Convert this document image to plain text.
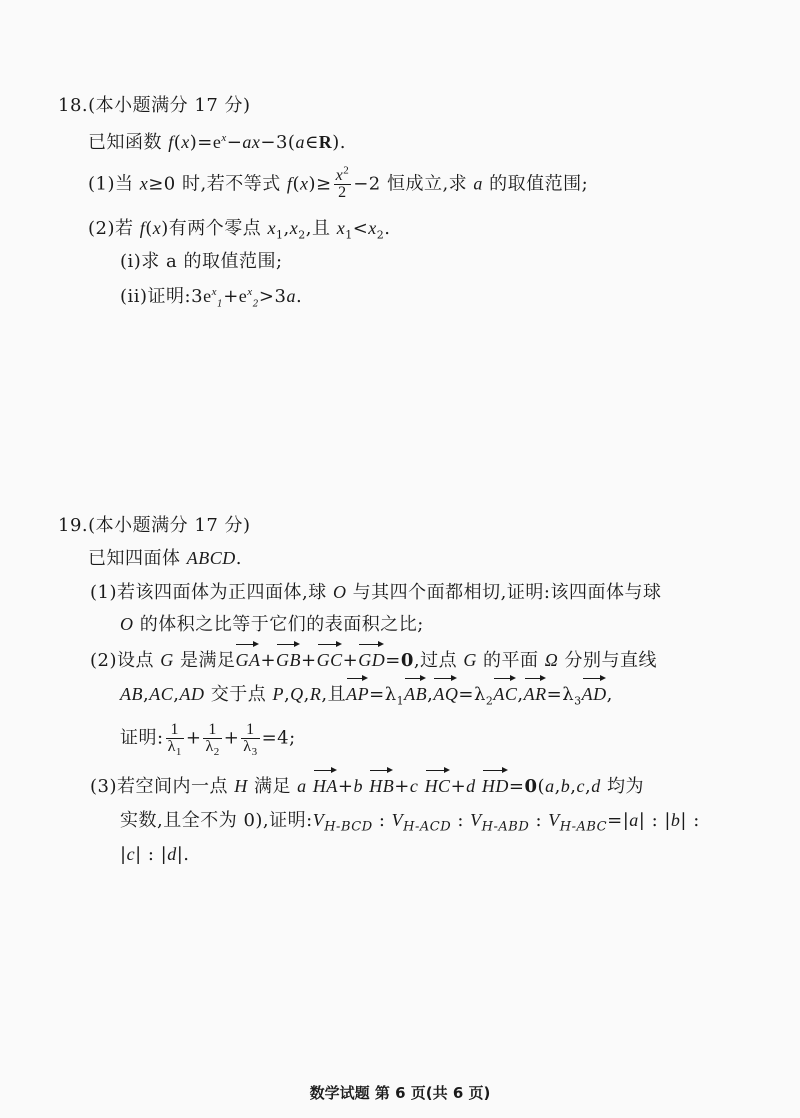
18.(本小题满分 17 分)
已知函数 $f(x)=e^x-ax-3(a\in R)$.
(1)当 x≥0 时,若不等式 $f(x)\ge \frac{x^2}{2} -2$ 恒成立,求 a 的取值范围;
(2)若 f(x)有两个零点 $x_1,x_2$,且 $x_1<x_2$.
(i)求 a 的取值范围;
(ii)证明$:3e^x_1+e^x_2>3a$.
19.(本小题满分 17 分)
已知四面体 ABCD.
(1)若该四面体为正四面体,球 O 与其四个面都相切,证明:该四面体与球
O 的体积之比等于它们的表面积之比;
(2)设点 G 是满足GA+GB+GC+GD=0,过点 G 的平面 Ω 分别与直线
AB,AC,AD 交于点 P,Q,R,且$AP=\lambda_1AB,AQ=\lambda_2AC,AR=\lambda_3AD$,
证明: $\frac{1}{\lambda_1} + \frac{1}{\lambda_2} + \frac{1}{\lambda_3} =4$;
(3)若空间内一点 H 满足 a HA+b HB+c HC+d HD=0(a,b,c,d 均为
实数,且全不为 0),证明$:V_{H-BCD}$ : $V_{H-ACD}$ : $V_{H-ABD}$ : $V_{H-ABC}=|a|$ : |b| :
|c| : |d|.
数学试题 第 6 页(共 6 页)
